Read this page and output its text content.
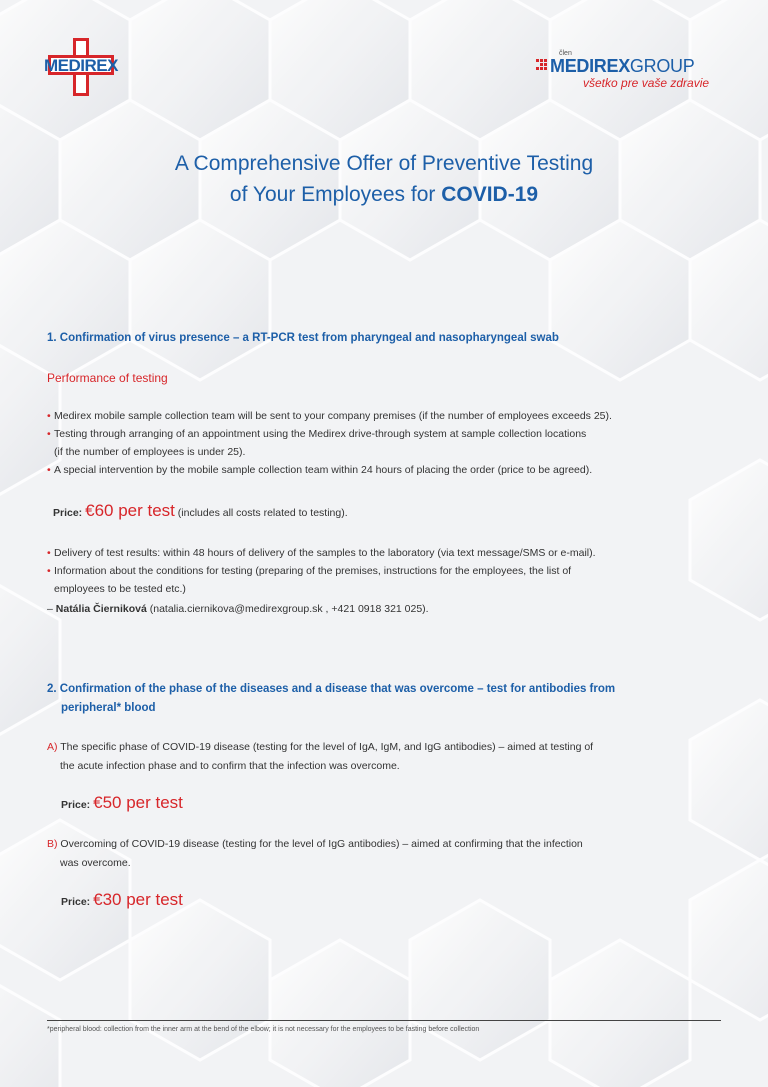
MEDIREX
člen
MEDIREXGROUP
všetko pre vaše zdravie
A Comprehensive Offer of Preventive Testing
of Your Employees for COVID-19
1. Confirmation of virus presence – a RT-PCR test from pharyngeal and nasopharyngeal swab
Performance of testing
• Medirex mobile sample collection team will be sent to your company premises (if the number of employees exceeds 25).
• Testing through arranging of an appointment using the Medirex drive-through system at sample collection locations
(if the number of employees is under 25).
• A special intervention by the mobile sample collection team within 24 hours of placing the order (price to be agreed).
Price: €60 per test (includes all costs related to testing).
• Delivery of test results: within 48 hours of delivery of the samples to the laboratory (via text message/SMS or e-mail).
• Information about the conditions for testing (preparing of the premises, instructions for the employees, the list of
employees to be tested etc.)
– Natália Čierniková (natalia.ciernikova@medirexgroup.sk , +421 0918 321 025).
2. Confirmation of the phase of the diseases and a disease that was overcome – test for antibodies from
peripheral* blood
A) The specific phase of COVID-19 disease (testing for the level of IgA, IgM, and IgG antibodies) – aimed at testing of
the acute infection phase and to confirm that the infection was overcome.
Price: €50 per test
B) Overcoming of COVID-19 disease (testing for the level of IgG antibodies) – aimed at confirming that the infection
was overcome.
Price: €30 per test
*peripheral blood: collection from the inner arm at the bend of the elbow; it is not necessary for the employees to be fasting before collection
